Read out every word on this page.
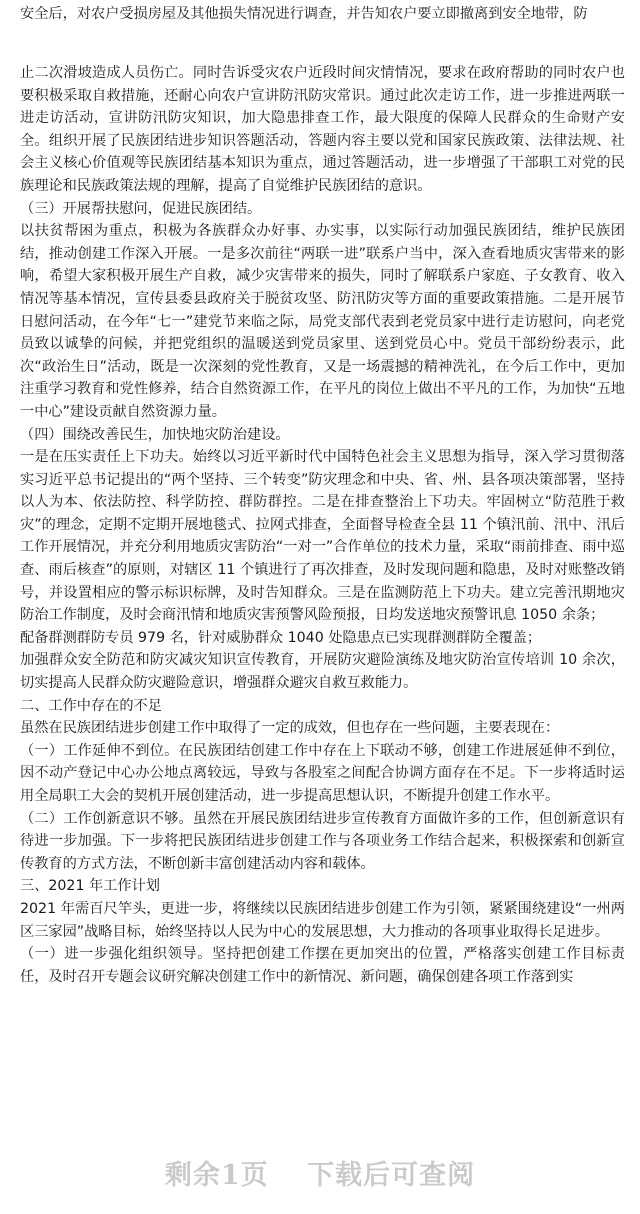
安全后，对农户受损房屋及其他损失情况进行调查，并告知农户要立即撤离到安全地带，防

止二次滑坡造成人员伤亡。同时告诉受灾农户近段时间灾情情况，要求在政府帮助的同时农户也要积极采取自救措施，还耐心向农户宣讲防汛防灾常识。通过此次走访工作，进一步推进两联一进走访活动，宣讲防汛防灾知识，加大隐患排查工作，最大限度的保障人民群众的生命财产安全。组织开展了民族团结进步知识答题活动，答题内容主要以党和国家民族政策、法律法规、社会主义核心价值观等民族团结基本知识为重点，通过答题活动，进一步增强了干部职工对党的民族理论和民族政策法规的理解，提高了自觉维护民族团结的意识。

（三）开展帮扶慰问，促进民族团结。

以扶贫帮困为重点，积极为各族群众办好事、办实事，以实际行动加强民族团结，维护民族团结，推动创建工作深入开展。一是多次前往“两联一进”联系户当中，深入查看地质灾害带来的影响，希望大家积极开展生产自救，减少灾害带来的损失，同时了解联系户家庭、子女教育、收入情况等基本情况，宣传县委县政府关于脱贫攻坚、防汛防灾等方面的重要政策措施。二是开展节日慰问活动，在今年“七一”建党节来临之际，局党支部代表到老党员家中进行走访慰问，向老党员致以诚挚的问候，并把党组织的温暖送到党员家里、送到党员心中。党员干部纷纷表示，此次“政治生日”活动，既是一次深刻的党性教育，又是一场震撼的精神洗礼，在今后工作中，更加注重学习教育和党性修养，结合自然资源工作，在平凡的岗位上做出不平凡的工作，为加快“五地一中心”建设贡献自然资源力量。

（四）围绕改善民生，加快地灾防治建设。

一是在压实责任上下功夫。始终以习近平新时代中国特色社会主义思想为指导，深入学习贯彻落实习近平总书记提出的“两个坚持、三个转变”防灾理念和中央、省、州、县各项决策部署，坚持以人为本、依法防控、科学防控、群防群控。二是在排查整治上下功夫。牢固树立“防范胜于救灾”的理念，定期不定期开展地毯式、拉网式排查，全面督导检查全县 11 个镇汛前、汛中、汛后工作开展情况，并充分利用地质灾害防治“一对一”合作单位的技术力量，采取“雨前排查、雨中巡查、雨后核查”的原则，对辖区 11 个镇进行了再次排查，及时发现问题和隐患，及时对账整改销号，并设置相应的警示标识标牌，及时告知群众。三是在监测防范上下功夫。建立完善汛期地灾防治工作制度，及时会商汛情和地质灾害预警风险预报，日均发送地灾预警讯息 1050 余条；

配备群测群防专员 979 名，针对威胁群众 1040 处隐患点已实现群测群防全覆盖；

加强群众安全防范和防灾减灾知识宣传教育，开展防灾避险演练及地灾防治宣传培训 10 余次，切实提高人民群众防灾避险意识，增强群众避灾自救互救能力。

二、工作中存在的不足

虽然在民族团结进步创建工作中取得了一定的成效，但也存在一些问题，主要表现在：

（一）工作延伸不到位。在民族团结创建工作中存在上下联动不够，创建工作进展延伸不到位，因不动产登记中心办公地点离较远，导致与各股室之间配合协调方面存在不足。下一步将适时运用全局职工大会的契机开展创建活动，进一步提高思想认识，不断提升创建工作水平。

（二）工作创新意识不够。虽然在开展民族团结进步宣传教育方面做许多的工作，但创新意识有待进一步加强。下一步将把民族团结进步创建工作与各项业务工作结合起来，积极探索和创新宣传教育的方式方法，不断创新丰富创建活动内容和载体。

三、2021 年工作计划

2021 年需百尺竿头，更进一步，将继续以民族团结进步创建工作为引领，紧紧围绕建设“一州两区三家园”战略目标，始终坚持以人民为中心的发展思想，大力推动的各项事业取得长足进步。

（一）进一步强化组织领导。坚持把创建工作摆在更加突出的位置，严格落实创建工作目标责任，及时召开专题会议研究解决创建工作中的新情况、新问题，确保创建各项工作落到实

剩余1页 下载后可查阅
